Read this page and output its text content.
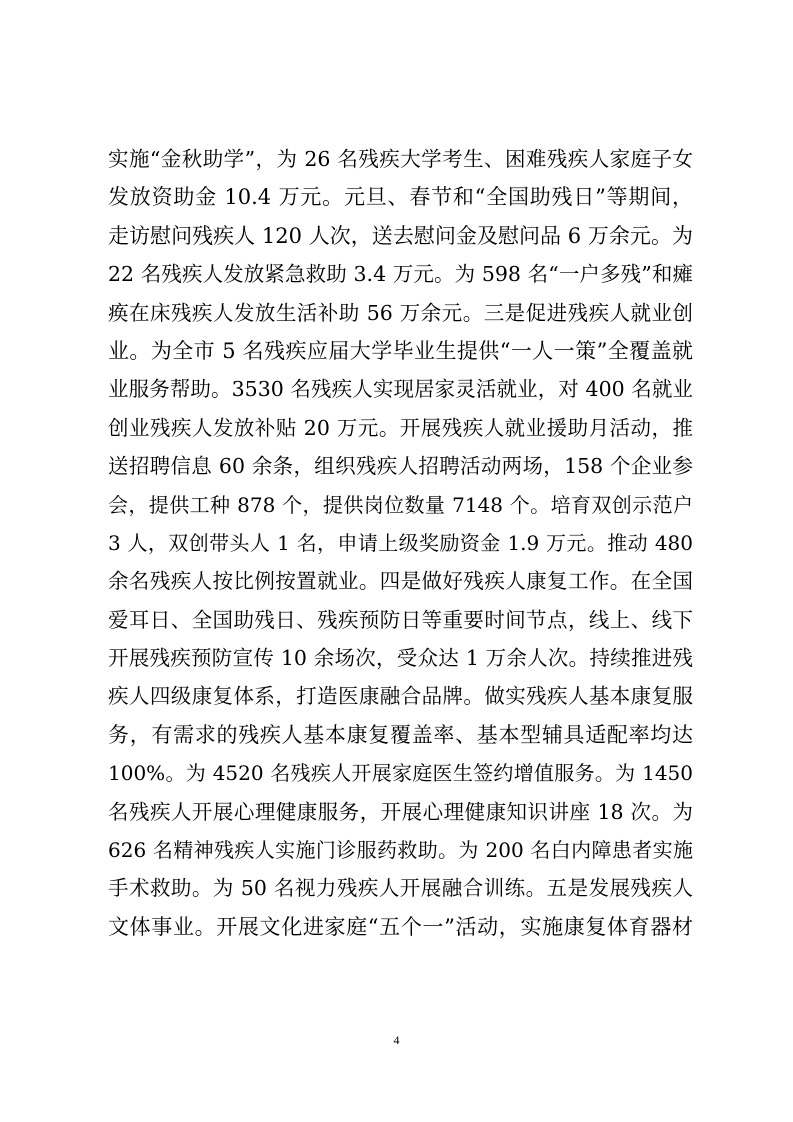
实施“金秋助学”，为 26 名残疾大学考生、困难残疾人家庭子女
发放资助金 10.4 万元。元旦、春节和“全国助残日”等期间，
走访慰问残疾人 120 人次，送去慰问金及慰问品 6 万余元。为
22 名残疾人发放紧急救助 3.4 万元。为 598 名“一户多残”和瘫
痪在床残疾人发放生活补助 56 万余元。三是促进残疾人就业创
业。为全市 5 名残疾应届大学毕业生提供“一人一策”全覆盖就
业服务帮助。3530 名残疾人实现居家灵活就业，对 400 名就业
创业残疾人发放补贴 20 万元。开展残疾人就业援助月活动，推
送招聘信息 60 余条，组织残疾人招聘活动两场，158 个企业参
会，提供工种 878 个，提供岗位数量 7148 个。培育双创示范户
3 人，双创带头人 1 名，申请上级奖励资金 1.9 万元。推动 480
余名残疾人按比例按置就业。四是做好残疾人康复工作。在全国
爱耳日、全国助残日、残疾预防日等重要时间节点，线上、线下
开展残疾预防宣传 10 余场次，受众达 1 万余人次。持续推进残
疾人四级康复体系，打造医康融合品牌。做实残疾人基本康复服
务，有需求的残疾人基本康复覆盖率、基本型辅具适配率均达
100%。为 4520 名残疾人开展家庭医生签约增值服务。为 1450
名残疾人开展心理健康服务，开展心理健康知识讲座 18 次。为
626 名精神残疾人实施门诊服药救助。为 200 名白内障患者实施
手术救助。为 50 名视力残疾人开展融合训练。五是发展残疾人
文体事业。开展文化进家庭“五个一”活动，实施康复体育器材
4
